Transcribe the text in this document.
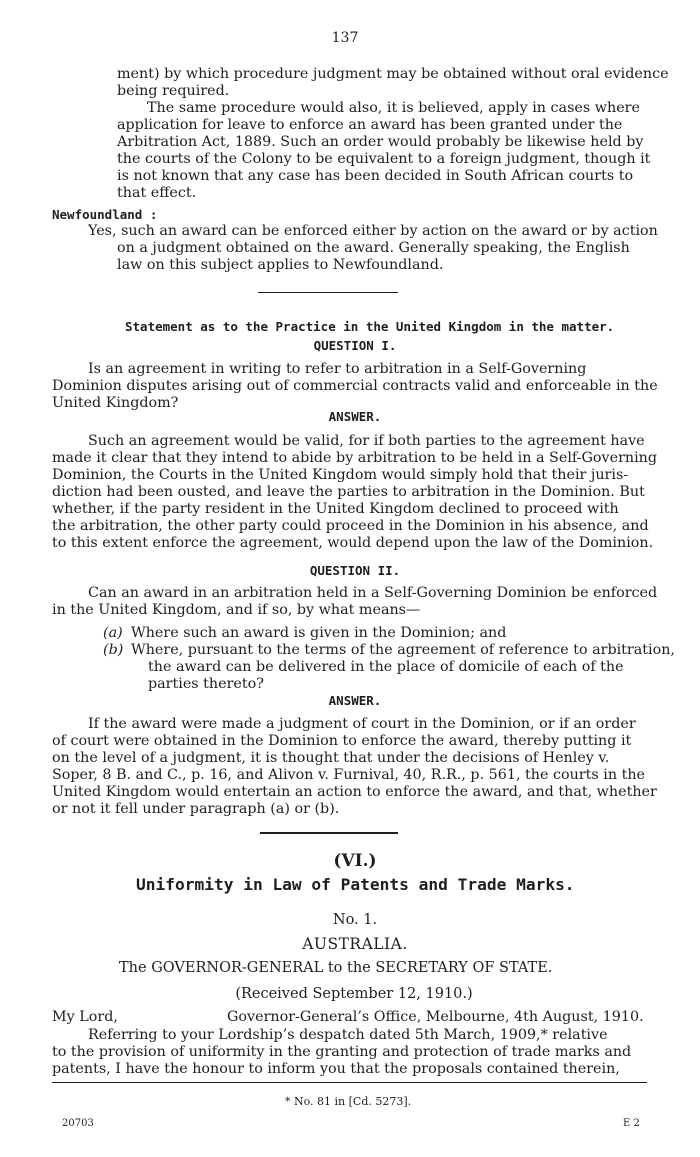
137
ment) by which procedure judgment may be obtained without oral evidence
being required.
The same procedure would also, it is believed, apply in cases where
application for leave to enforce an award has been granted under the
Arbitration Act, 1889. Such an order would probably be likewise held by
the courts of the Colony to be equivalent to a foreign judgment, though it
is not known that any case has been decided in South African courts to
that effect.
Newfoundland :
Yes, such an award can be enforced either by action on the award or by action
on a judgment obtained on the award. Generally speaking, the English
law on this subject applies to Newfoundland.
Statement as to the Practice in the United Kingdom in the matter.
QUESTION I.
Is an agreement in writing to refer to arbitration in a Self-Governing
Dominion disputes arising out of commercial contracts valid and enforceable in the
United Kingdom?
ANSWER.
Such an agreement would be valid, for if both parties to the agreement have
made it clear that they intend to abide by arbitration to be held in a Self-Governing
Dominion, the Courts in the United Kingdom would simply hold that their juris-
diction had been ousted, and leave the parties to arbitration in the Dominion. But
whether, if the party resident in the United Kingdom declined to proceed with
the arbitration, the other party could proceed in the Dominion in his absence, and
to this extent enforce the agreement, would depend upon the law of the Dominion.
QUESTION II.
Can an award in an arbitration held in a Self-Governing Dominion be enforced
in the United Kingdom, and if so, by what means—
(a) Where such an award is given in the Dominion; and
(b) Where, pursuant to the terms of the agreement of reference to arbitration,
the award can be delivered in the place of domicile of each of the
parties thereto?
ANSWER.
If the award were made a judgment of court in the Dominion, or if an order
of court were obtained in the Dominion to enforce the award, thereby putting it
on the level of a judgment, it is thought that under the decisions of Henley v.
Soper, 8 B. and C., p. 16, and Alivon v. Furnival, 40, R.R., p. 561, the courts in the
United Kingdom would entertain an action to enforce the award, and that, whether
or not it fell under paragraph (a) or (b).
(VI.)
Uniformity in Law of Patents and Trade Marks.
No. 1.
AUSTRALIA.
The GOVERNOR-GENERAL to the SECRETARY OF STATE.
(Received September 12, 1910.)
My Lord,	Governor-General’s Office, Melbourne, 4th August, 1910.
Referring to your Lordship’s despatch dated 5th March, 1909,* relative
to the provision of uniformity in the granting and protection of trade marks and
patents, I have the honour to inform you that the proposals contained therein,
* No. 81 in [Cd. 5273].
20703	E 2
